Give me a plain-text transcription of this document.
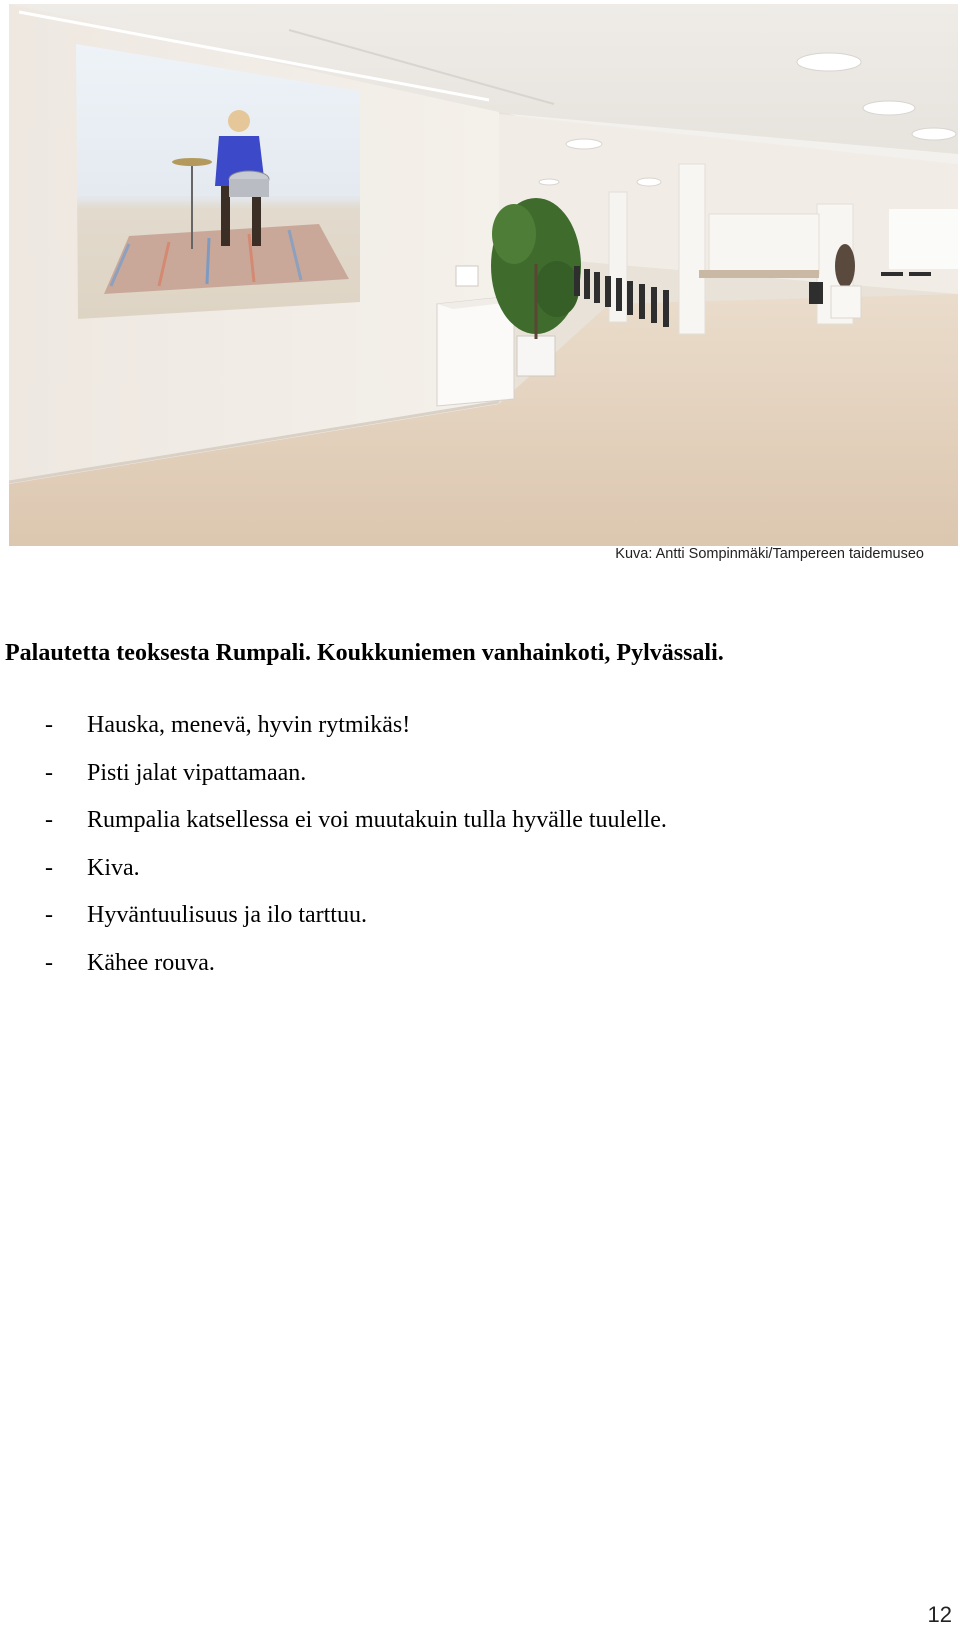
Kuva: Antti Sompinmäki/Tampereen taidemuseo
Palautetta teoksesta Rumpali. Koukkuniemen vanhainkoti, Pylvässali.
- Hauska, menevä, hyvin rytmikäs!
- Pisti jalat vipattamaan.
- Rumpalia katsellessa ei voi muutakuin tulla hyvälle tuulelle.
- Kiva.
- Hyväntuulisuus ja ilo tarttuu.
- Kähee rouva.
12
